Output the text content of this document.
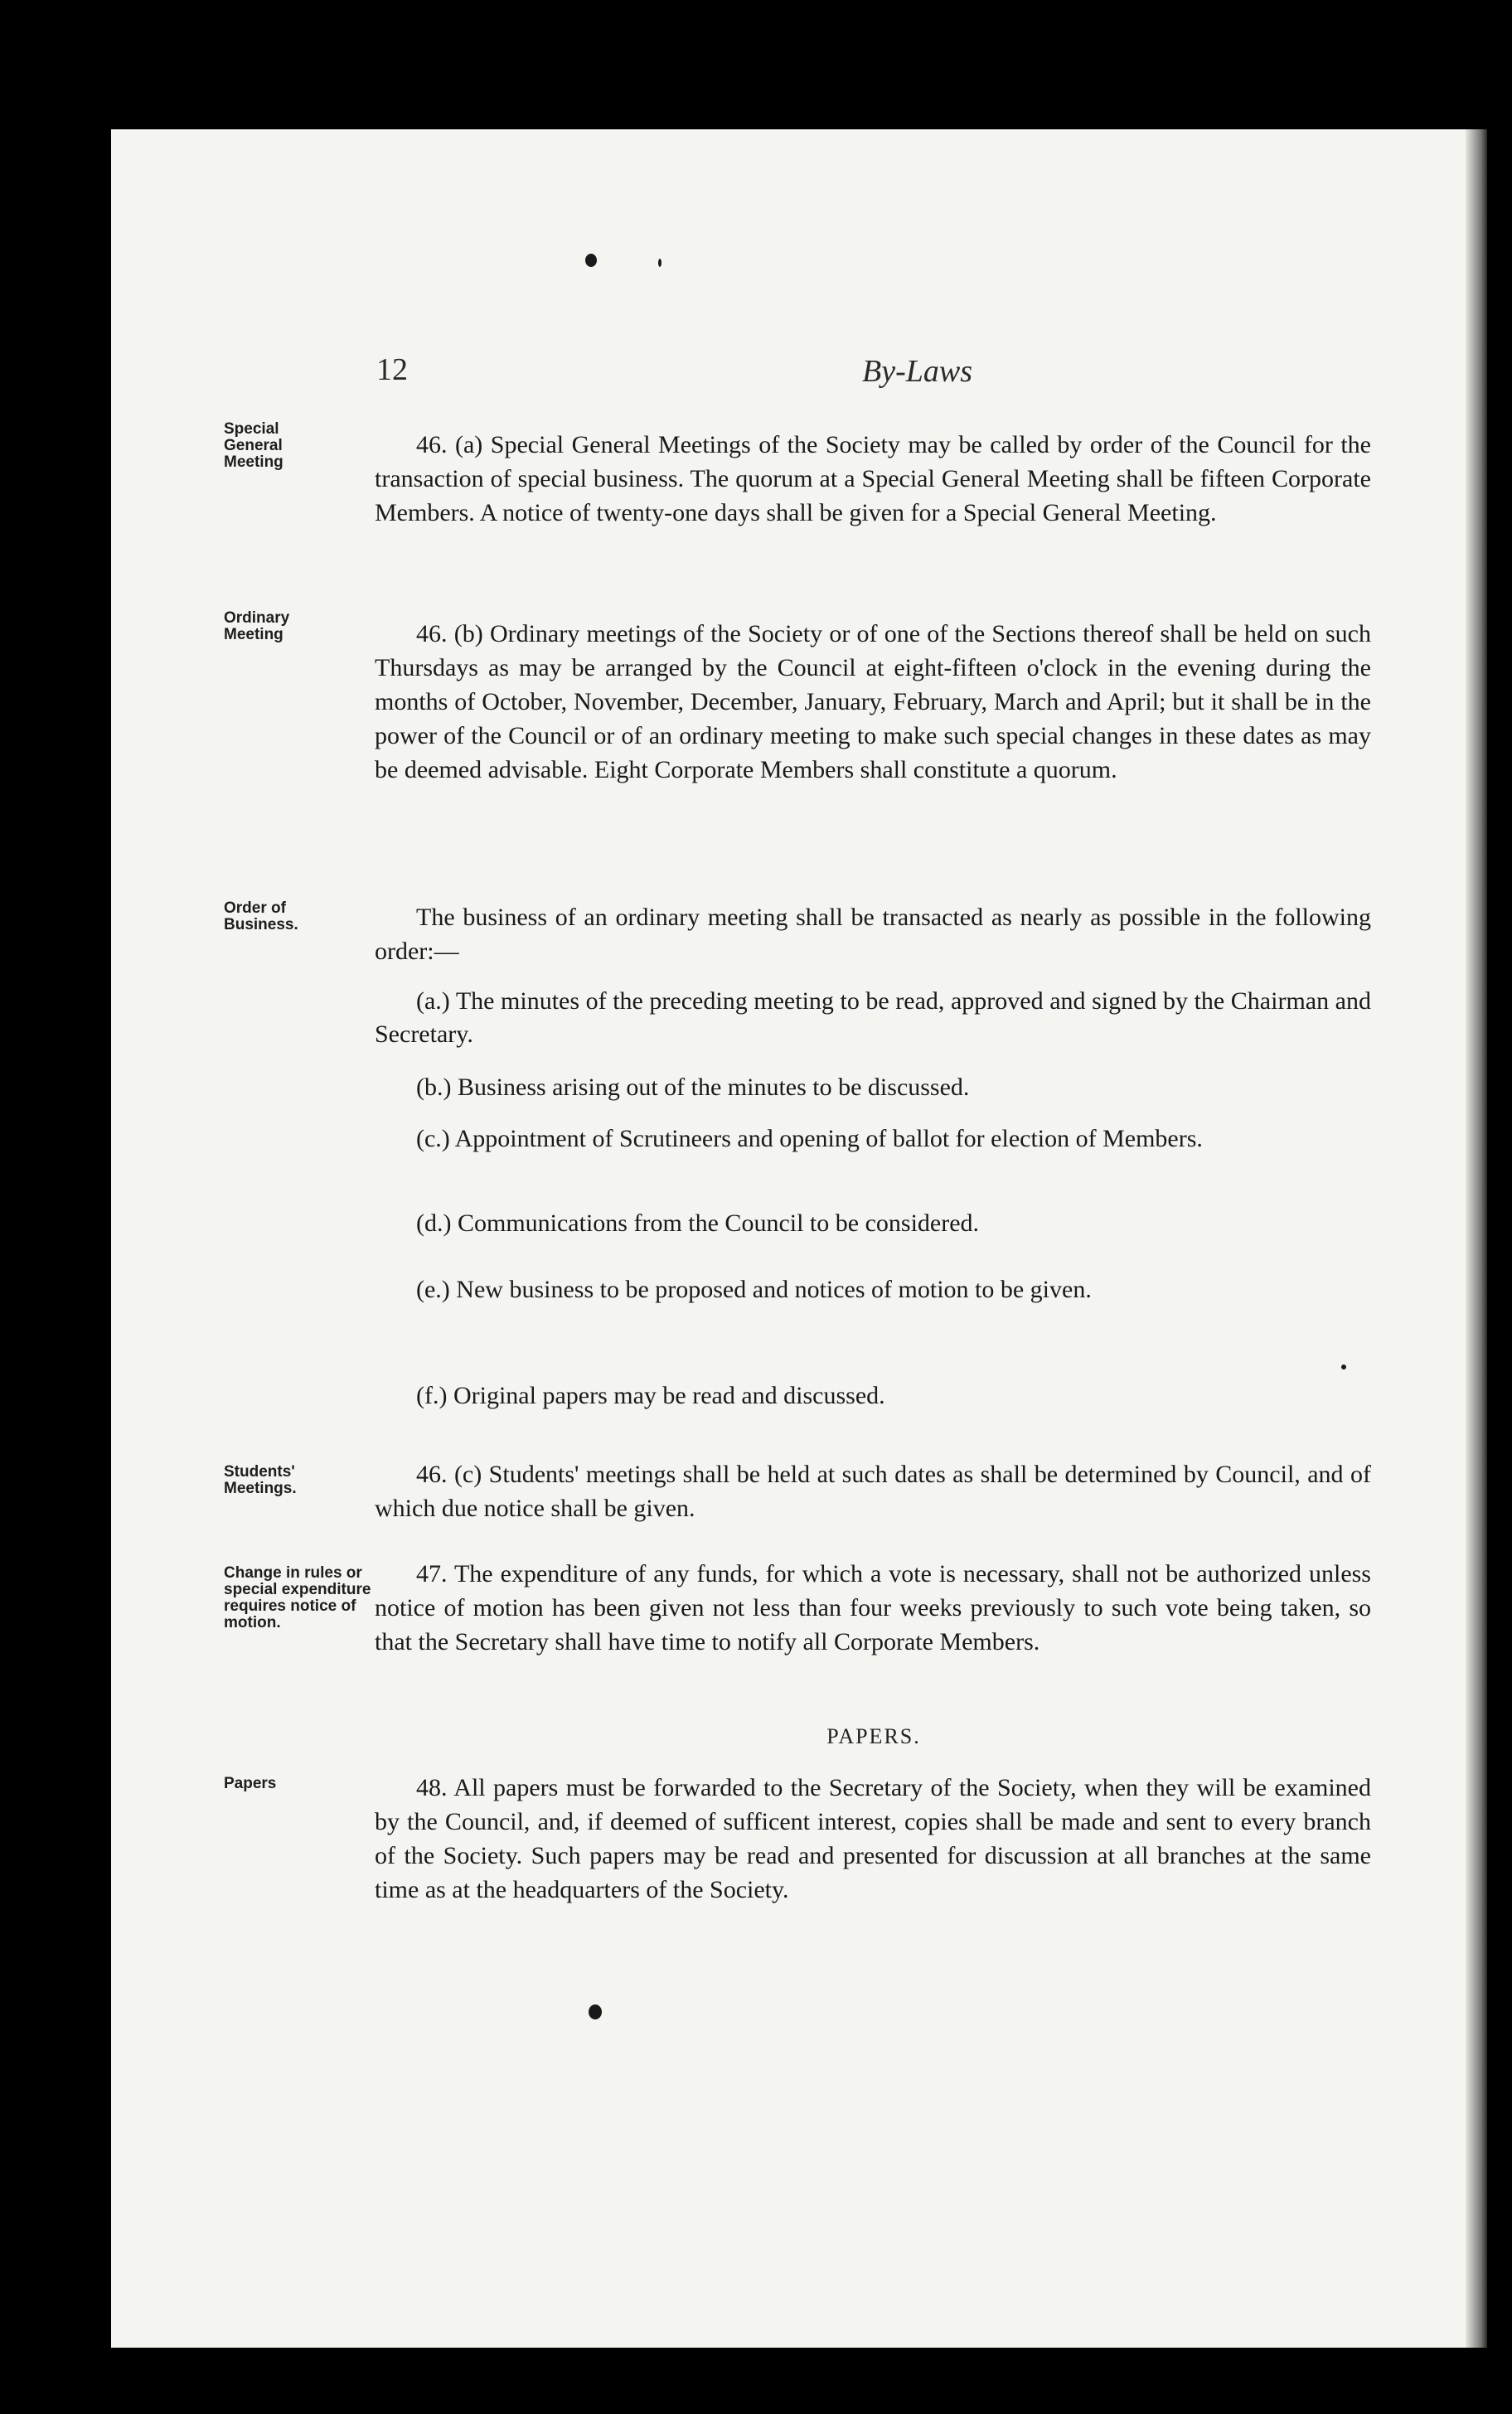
12	By-Laws
Special General Meeting
46. (a) Special General Meetings of the Society may be called by order of the Council for the transaction of special business. The quorum at a Special General Meeting shall be fifteen Corporate Members. A notice of twenty-one days shall be given for a Special General Meeting.
Ordinary Meeting	46. (b) Ordinary meetings of the Society or of one of the Sections thereof shall be held on such Thursdays as may be arranged by the Council at eight-fifteen o'clock in the evening during the months of October, November, December, January, February, March and April; but it shall be in the power of the Council or of an ordinary meeting to make such special changes in these dates as may be deemed advisable. Eight Corporate Members shall constitute a quorum.
Order of Business.	The business of an ordinary meeting shall be transacted as nearly as possible in the following order:—
(a.) The minutes of the preceding meeting to be read, approved and signed by the Chairman and Secretary.
(b.) Business arising out of the minutes to be discussed.
(c.) Appointment of Scrutineers and opening of ballot for election of Members.
(d.) Communications from the Council to be considered.
(e.) New business to be proposed and notices of motion to be given.
(f.) Original papers may be read and discussed.
Students' Meetings.
46. (c) Students' meetings shall be held at such dates as shall be determined by Council, and of which due notice shall be given.
Change in rules or special expenditure requires notice of motion.
47. The expenditure of any funds, for which a vote is necessary, shall not be authorized unless notice of motion has been given not less than four weeks previously to such vote being taken, so that the Secretary shall have time to notify all Corporate Members.
PAPERS.
Papers	48. All papers must be forwarded to the Secretary of the Society, when they will be examined by the Council, and, if deemed of sufficent interest, copies shall be made and sent to every branch of the Society. Such papers may be read and presented for discussion at all branches at the same time as at the headquarters of the Society.
